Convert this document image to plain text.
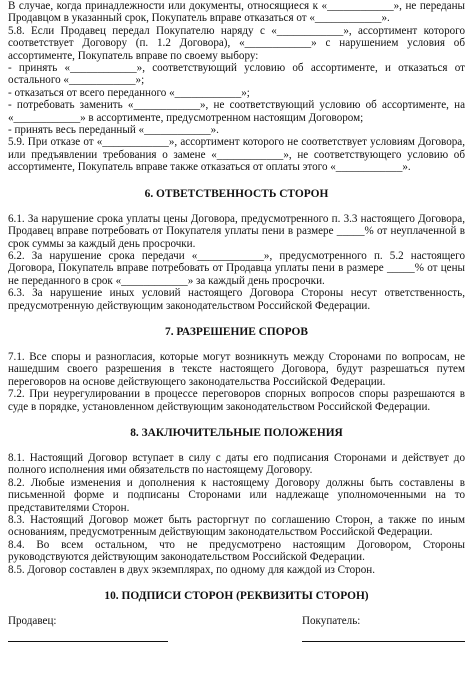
В случае, когда принадлежности или документы, относящиеся к «____________», не переданы Продавцом в указанный срок, Покупатель вправе отказаться от «____________».

5.8. Если Продавец передал Покупателю наряду с «____________», ассортимент которого соответствует Договору (п. 1.2 Договора), «____________» с нарушением условия об ассортименте, Покупатель вправе по своему выбору:

- принять «____________», соответствующий условию об ассортименте, и отказаться от остального «____________»;

- отказаться от всего переданного «____________»;

- потребовать заменить «____________», не соответствующий условию об ассортименте, на «____________» в ассортименте, предусмотренном настоящим Договором;

- принять весь переданный «____________».

5.9. При отказе от «____________», ассортимент которого не соответствует условиям Договора, или предъявлении требования о замене «____________», не соответствующего условию об ассортименте, Покупатель вправе также отказаться от оплаты этого «____________».

6. ОТВЕТСТВЕННОСТЬ СТОРОН

6.1. За нарушение срока уплаты цены Договора, предусмотренного п. 3.3 настоящего Договора, Продавец вправе потребовать от Покупателя уплаты пени в размере _____% от неуплаченной в срок суммы за каждый день просрочки.

6.2. За нарушение срока передачи «____________», предусмотренного п. 5.2 настоящего Договора, Покупатель вправе потребовать от Продавца уплаты пени в размере _____% от цены не переданного в срок «____________» за каждый день просрочки.

6.3. За нарушение иных условий настоящего Договора Стороны несут ответственность, предусмотренную действующим законодательством Российской Федерации.

7. РАЗРЕШЕНИЕ СПОРОВ

7.1. Все споры и разногласия, которые могут возникнуть между Сторонами по вопросам, не нашедшим своего разрешения в тексте настоящего Договора, будут разрешаться путем переговоров на основе действующего законодательства Российской Федерации.

7.2. При неурегулировании в процессе переговоров спорных вопросов споры разрешаются в суде в порядке, установленном действующим законодательством Российской Федерации.

8. ЗАКЛЮЧИТЕЛЬНЫЕ ПОЛОЖЕНИЯ

8.1. Настоящий Договор вступает в силу с даты его подписания Сторонами и действует до полного исполнения ими обязательств по настоящему Договору.

8.2. Любые изменения и дополнения к настоящему Договору должны быть составлены в письменной форме и подписаны Сторонами или надлежаще уполномоченными на то представителями Сторон.

8.3. Настоящий Договор может быть расторгнут по соглашению Сторон, а также по иным основаниям, предусмотренным действующим законодательством Российской Федерации.

8.4. Во всем остальном, что не предусмотрено настоящим Договором, Стороны руководствуются действующим законодательством Российской Федерации.

8.5. Договор составлен в двух экземплярах, по одному для каждой из Сторон.

10. ПОДПИСИ СТОРОН (РЕКВИЗИТЫ СТОРОН)

Продавец:	Покупатель:
